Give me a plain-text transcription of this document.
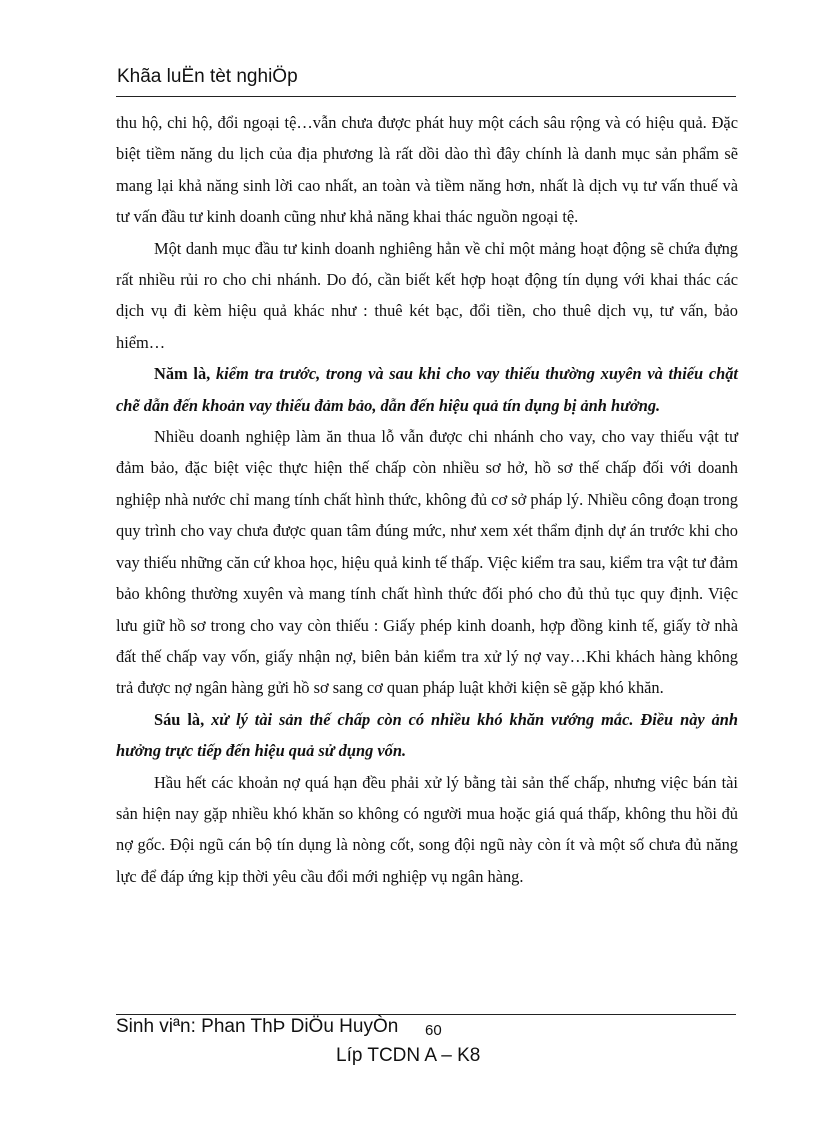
Khãa luËn tèt nghiÖp

thu hộ, chi hộ, đổi ngoại tệ…vẫn chưa được phát huy một cách sâu rộng và có hiệu quả. Đặc biệt tiềm năng du lịch của địa phương là rất dồi dào thì đây chính là danh mục sản phẩm sẽ mang lại khả năng sinh lời cao nhất, an toàn và tiềm năng hơn, nhất là dịch vụ tư vấn thuế và tư vấn đầu tư kinh doanh cũng như khả năng khai thác nguồn ngoại tệ.

Một danh mục đầu tư kinh doanh nghiêng hẳn về chỉ một mảng hoạt động sẽ chứa đựng rất nhiều rủi ro cho chi nhánh. Do đó, cần biết kết hợp hoạt động tín dụng với khai thác các dịch vụ đi kèm hiệu quả khác như : thuê két bạc, đổi tiền, cho thuê dịch vụ, tư vấn, bảo hiểm…

Năm là, kiểm tra trước, trong và sau khi cho vay thiếu thường xuyên và thiếu chặt chẽ dẫn đến khoản vay thiếu đảm bảo, dẫn đến hiệu quả tín dụng bị ảnh hưởng.

Nhiều doanh nghiệp làm ăn thua lỗ vẫn được chi nhánh cho vay, cho vay thiếu vật tư đảm bảo, đặc biệt việc thực hiện thế chấp còn nhiều sơ hở, hồ sơ thế chấp đối với doanh nghiệp nhà nước chỉ mang tính chất hình thức, không đủ cơ sở pháp lý. Nhiều công đoạn trong quy trình cho vay chưa được quan tâm đúng mức, như xem xét thẩm định dự án trước khi cho vay thiếu những căn cứ khoa học, hiệu quả kinh tế thấp. Việc kiểm tra sau, kiểm tra vật tư đảm bảo không thường xuyên và mang tính chất hình thức đối phó cho đủ thủ tục quy định. Việc lưu giữ hồ sơ trong cho vay còn thiếu : Giấy phép kinh doanh, hợp đồng kinh tế, giấy tờ nhà đất thế chấp vay vốn, giấy nhận nợ, biên bản kiểm tra xử lý nợ vay…Khi khách hàng không trả được nợ ngân hàng gửi hồ sơ sang cơ quan pháp luật khởi kiện sẽ gặp khó khăn.

Sáu là, xử lý tài sản thế chấp còn có nhiều khó khăn vướng mắc. Điều này ảnh hưởng trực tiếp đến hiệu quả sử dụng vốn.

Hầu hết các khoản nợ quá hạn đều phải xử lý bằng tài sản thế chấp, nhưng việc bán tài sản hiện nay gặp nhiều khó khăn so không có người mua hoặc giá quá thấp, không thu hồi đủ nợ gốc. Đội ngũ cán bộ tín dụng là nòng cốt, song đội ngũ này còn ít và một số chưa đủ năng lực để đáp ứng kịp thời yêu cầu đổi mới nghiệp vụ ngân hàng.

Sinh viªn: Phan ThÞ DiÖu HuyÒn 60
Líp TCDN A – K8
